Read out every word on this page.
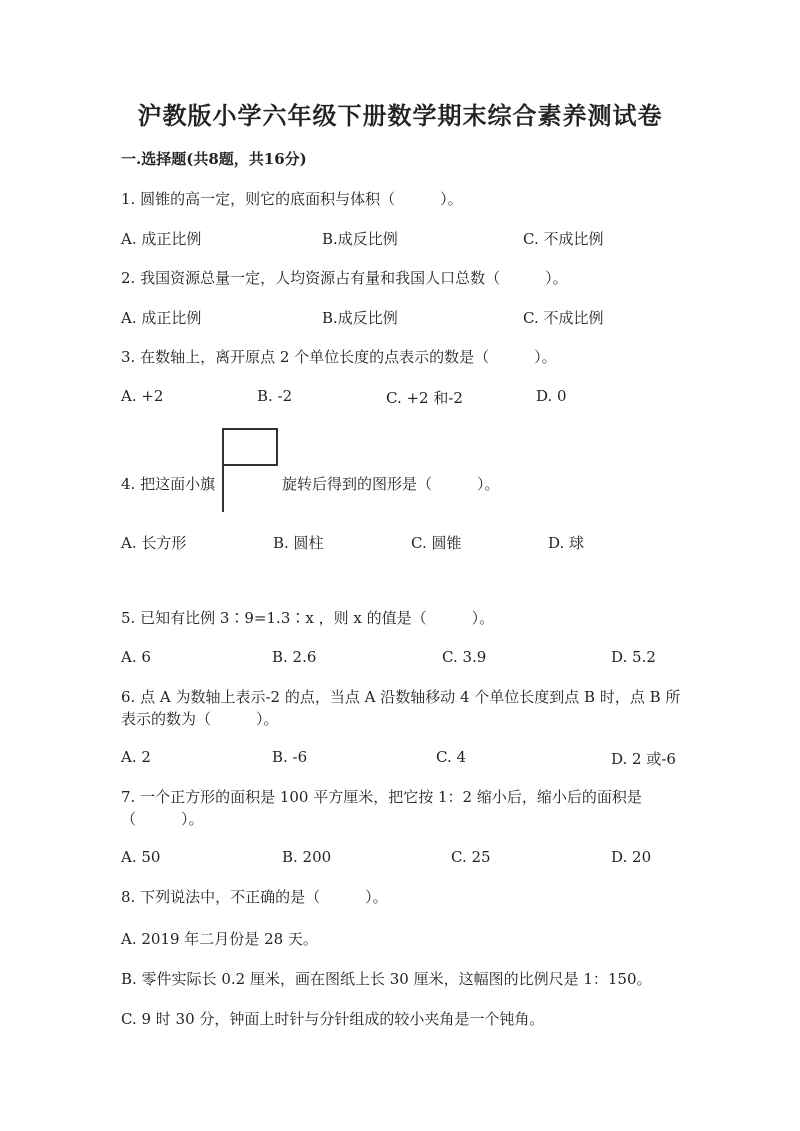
沪教版小学六年级下册数学期末综合素养测试卷
一.选择题(共8题，共16分)
1. 圆锥的高一定，则它的底面积与体积（　　　）。
A. 成正比例	B.成反比例	C. 不成比例
2. 我国资源总量一定，人均资源占有量和我国人口总数（　　　）。
A. 成正比例	B.成反比例	C. 不成比例
3. 在数轴上，离开原点 2 个单位长度的点表示的数是（　　　）。
A. +2	B. -2	C. +2 和-2	D. 0
4. 把这面小旗	旋转后得到的图形是（　　　）。
A. 长方形	B. 圆柱	C. 圆锥	D. 球
5. 已知有比例 3∶9=1.3∶x ，则 x 的值是（　　　）。
A. 6	B. 2.6	C. 3.9	D. 5.2
6. 点 A 为数轴上表示-2 的点，当点 A 沿数轴移动 4 个单位长度到点 B 时，点 B 所表示的数为（　　　）。
A. 2	B. -6	C. 4	D. 2 或-6
7. 一个正方形的面积是 100 平方厘米，把它按 1：2 缩小后，缩小后的面积是（　　　）。
A. 50	B. 200	C. 25	D. 20
8. 下列说法中，不正确的是（　　　）。
A. 2019 年二月份是 28 天。
B. 零件实际长 0.2 厘米，画在图纸上长 30 厘米，这幅图的比例尺是 1：150。
C. 9 时 30 分，钟面上时针与分针组成的较小夹角是一个钝角。
